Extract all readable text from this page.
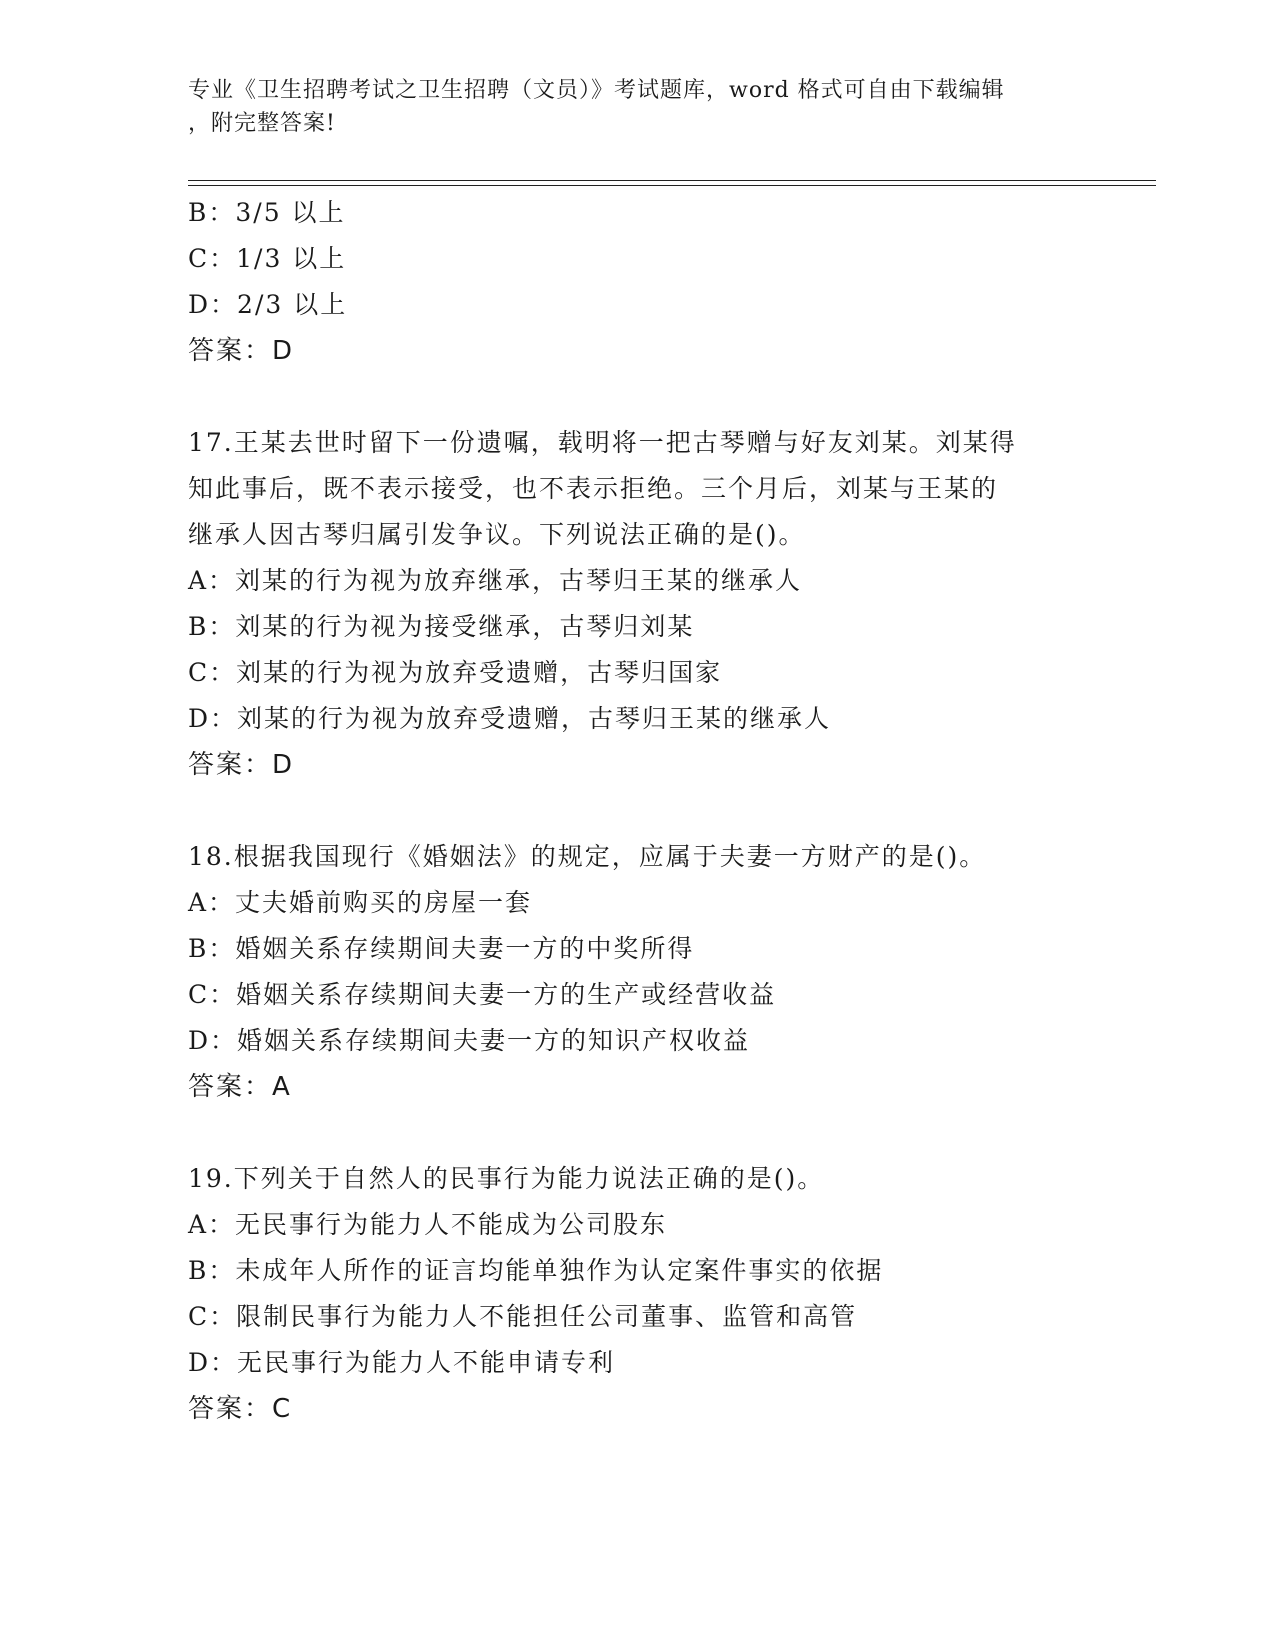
专业《卫生招聘考试之卫生招聘（文员）》考试题库，word 格式可自由下载编辑
，附完整答案!
B：3/5 以上
C：1/3 以上
D：2/3 以上
答案：D
17.王某去世时留下一份遗嘱，载明将一把古琴赠与好友刘某。刘某得
知此事后，既不表示接受，也不表示拒绝。三个月后，刘某与王某的
继承人因古琴归属引发争议。下列说法正确的是()。
A：刘某的行为视为放弃继承，古琴归王某的继承人
B：刘某的行为视为接受继承，古琴归刘某
C：刘某的行为视为放弃受遗赠，古琴归国家
D：刘某的行为视为放弃受遗赠，古琴归王某的继承人
答案：D
18.根据我国现行《婚姻法》的规定，应属于夫妻一方财产的是()。
A：丈夫婚前购买的房屋一套
B：婚姻关系存续期间夫妻一方的中奖所得
C：婚姻关系存续期间夫妻一方的生产或经营收益
D：婚姻关系存续期间夫妻一方的知识产权收益
答案：A
19.下列关于自然人的民事行为能力说法正确的是()。
A：无民事行为能力人不能成为公司股东
B：未成年人所作的证言均能单独作为认定案件事实的依据
C：限制民事行为能力人不能担任公司董事、监管和高管
D：无民事行为能力人不能申请专利
答案：C
